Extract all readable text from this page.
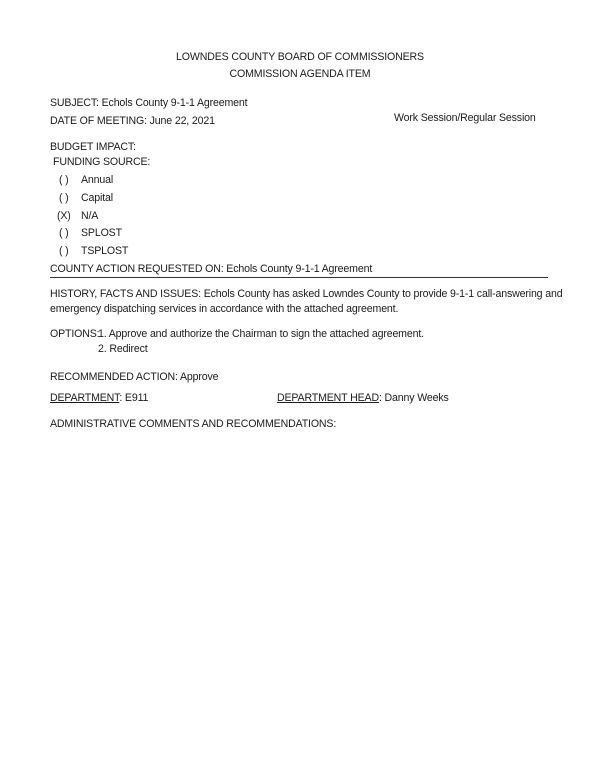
LOWNDES COUNTY BOARD OF COMMISSIONERS
COMMISSION AGENDA ITEM
SUBJECT: Echols County 9-1-1 Agreement
DATE OF MEETING: June 22, 2021	Work Session/Regular Session
BUDGET IMPACT:
FUNDING SOURCE:
( ) Annual
( ) Capital
(X) N/A
( ) SPLOST
( ) TSPLOST
COUNTY ACTION REQUESTED ON: Echols County 9-1-1 Agreement
HISTORY, FACTS AND ISSUES: Echols County has asked Lowndes County to provide 9-1-1 call-answering and
emergency dispatching services in accordance with the attached agreement.
OPTIONS:
1. Approve and authorize the Chairman to sign the attached agreement.
2. Redirect
RECOMMENDED ACTION: Approve
DEPARTMENT: E911	DEPARTMENT HEAD: Danny Weeks
ADMINISTRATIVE COMMENTS AND RECOMMENDATIONS:
